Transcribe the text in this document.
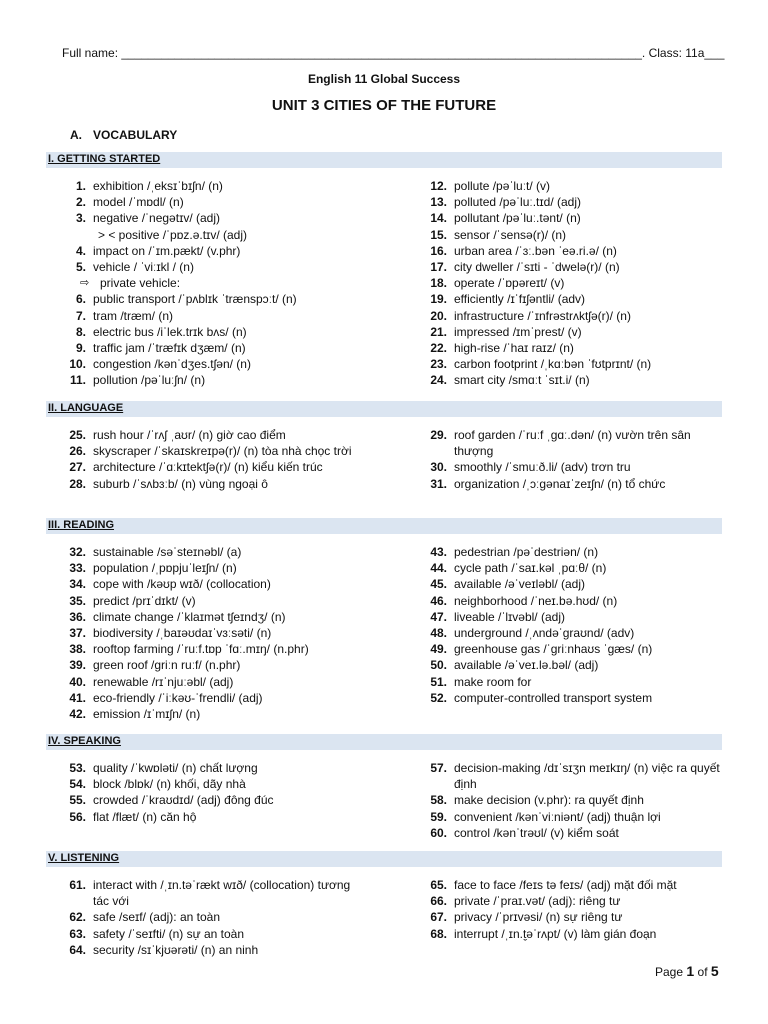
Full name: ______________________________________________________________________________. Class: 11a___
English 11 Global Success
UNIT 3 CITIES OF THE FUTURE
A. VOCABULARY
I. GETTING STARTED
1. exhibition /ˌeksɪˈbɪʃn/ (n)
2. model /ˈmɒdl/ (n)
3. negative /ˈneɡətɪv/ (adj)
> < positive /ˈpɒz.ə.tɪv/ (adj)
4. impact on /ˈɪm.pækt/ (v.phr)
5. vehicle / ˈviːɪkl / (n)
⇨ private vehicle:
6. public transport /ˈpʌblɪk ˈtrænspɔːt/ (n)
7. tram /træm/ (n)
8. electric bus /iˈlek.trɪk bʌs/ (n)
9. traffic jam /ˈtræfɪk dʒæm/ (n)
10. congestion /kənˈdʒes.tʃən/ (n)
11. pollution /pəˈluːʃn/ (n)
12. pollute /pəˈluːt/ (v)
13. polluted /pəˈluː.tɪd/ (adj)
14. pollutant /pəˈluː.tənt/ (n)
15. sensor /ˈsensə(r)/ (n)
16. urban area /ˈɜː.bən ˈeə.ri.ə/ (n)
17. city dweller /ˈsɪti - ˈdwelə(r)/ (n)
18. operate /ˈɒpəreɪt/ (v)
19. efficiently /ɪˈfɪʃəntli/ (adv)
20. infrastructure /ˈɪnfrəstrʌktʃə(r)/ (n)
21. impressed /ɪmˈprest/ (v)
22. high-rise /ˈhaɪ raɪz/ (n)
23. carbon footprint /ˌkɑːbən ˈfʊtprɪnt/ (n)
24. smart city /smɑːt ˈsɪt.i/ (n)
II. LANGUAGE
25. rush hour /ˈrʌʃ ˌaʊr/ (n) giờ cao điểm
26. skyscraper /ˈskaɪskreɪpə(r)/ (n) tòa nhà chọc trời
27. architecture /ˈɑːkɪtektʃə(r)/ (n) kiểu kiến trúc
28. suburb /ˈsʌbɜːb/ (n) vùng ngoại ô
29. roof garden /ˈruːf ˌɡɑː.dən/ (n) vườn trên sân thượng
30. smoothly /ˈsmuːð.li/ (adv) trơn tru
31. organization /ˌɔːɡənaɪˈzeɪʃn/ (n) tổ chức
III. READING
32. sustainable /səˈsteɪnəbl/ (a)
33. population /ˌpɒpjuˈleɪʃn/ (n)
34. cope with /kəʊp wɪð/ (collocation)
35. predict /prɪˈdɪkt/ (v)
36. climate change /ˈklaɪmət tʃeɪndʒ/ (n)
37. biodiversity /ˌbaɪəʊdaɪˈvɜːsəti/ (n)
38. rooftop farming /ˈruːf.tɒp ˈfɑː.mɪŋ/ (n.phr)
39. green roof /ɡriːn ruːf/ (n.phr)
40. renewable /rɪˈnjuːəbl/ (adj)
41. eco-friendly /ˈiːkəʊ-ˈfrendli/ (adj)
42. emission /ɪˈmɪʃn/ (n)
43. pedestrian /pəˈdestriən/ (n)
44. cycle path /ˈsaɪ.kəl ˌpɑːθ/ (n)
45. available /əˈveɪləbl/ (adj)
46. neighborhood /ˈneɪ.bə.hʊd/ (n)
47. liveable /ˈlɪvəbl/ (adj)
48. underground /ˌʌndəˈɡraʊnd/ (adv)
49. greenhouse gas /ˈɡriːnhaʊs ˈɡæs/ (n)
50. available /əˈveɪ.lə.bəl/ (adj)
51. make room for
52. computer-controlled transport system
IV. SPEAKING
53. quality /ˈkwɒləti/ (n) chất lượng
54. block /blɒk/ (n) khối, dãy nhà
55. crowded /ˈkraʊdɪd/ (adj) đông đúc
56. flat /flæt/ (n) căn hộ
57. decision-making /dɪˈsɪʒn meɪkɪŋ/ (n) việc ra quyết định
58. make decision (v.phr): ra quyết định
59. convenient /kənˈviːniənt/ (adj) thuận lợi
60. control /kənˈtrəʊl/ (v) kiểm soát
V. LISTENING
61. interact with /ˌɪn.təˈrækt wɪð/ (collocation) tương tác với
62. safe /seɪf/ (adj): an toàn
63. safety /ˈseɪfti/ (n) sự an toàn
64. security /sɪˈkjʊərəti/ (n) an ninh
65. face to face /feɪs tə feɪs/ (adj) mặt đối mặt
66. private /ˈpraɪ.vət/ (adj): riêng tư
67. privacy /ˈprɪvəsi/ (n) sự riêng tư
68. interrupt /ˌɪn.t̬əˈrʌpt/ (v) làm gián đoạn
Page 1 of 5
